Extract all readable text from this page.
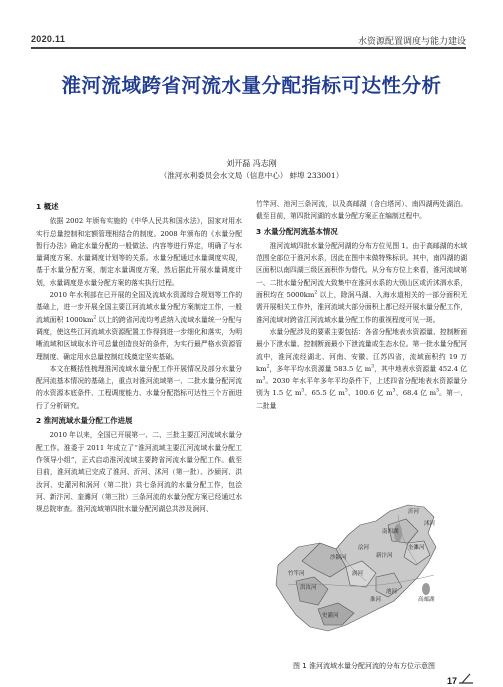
2020.11	水资源配置调度与能力建设
淮河流域跨省河流水量分配指标可达性分析
刘开磊 冯志刚
（淮河水利委员会水文局（信息中心） 蚌埠 233001）
1 概述

依据 2002 年颁布实施的《中华人民共和国水法》，国家对用水实行总量控制和定额管理相结合的制度。2008 年颁布的《水量分配暂行办法》确定水量分配的一般做法、内容等进行界定，明确了与水量调度方案、水量调度计划等的关系。水量分配通过水量调度实现，基于水量分配方案，制定水量调度方案，然后据此开展水量调度计划，水量调度是水量分配方案的落实执行过程。

2010 年水利部在已开展的全国及流域水资源综合规划等工作的基础上，进一步开展全国主要江河流域水量分配方案制定工作，一般流域面积 $1000km^2$ 以上的跨省河流均考虑纳入流域水量统一分配与调度，使这些江河流域水资源配置工作得到进一步细化和落实，为明晰流域和区域取水许可总量创造良好的条件，为实行最严格水资源管理制度、确定用水总量控制红线奠定坚实基础。

本文在概括性梳理淮河流域水量分配工作开展情况及部分水量分配河流基本情况的基础上，重点对淮河流域第一、二批水量分配河流的水资源本底条件、工程调度能力、水量分配指标可达性三个方面进行了分析研究。

2 淮河流域水量分配工作进展

2010 年以来，全国已开展第一、二、三批主要江河流域水量分配工作。淮委于 2011 年成立了“淮河流域主要江河流域水量分配工作领导小组”，正式启动淮河流域主要跨省河流水量分配工作。截至目前，淮河流域已完成了淮河、沂河、沭河（第一批）、沙颍河、洪汝河、史灌河和涡河（第二批）共七条河流的水量分配工作，包浍河、新汴河、奎濉河（第三批）三条河流的水量分配方案已经通过水规总院审查。淮河流域第四批水量分配河湖总共涉及涧河、

竹竿河、池河三条河流，以及高邮湖（含白塔河）、南四湖两处湖泊。截至目前，第四批河湖的水量分配方案正在编制过程中。

3 水量分配河流基本情况

淮河流域四批水量分配河湖的分布方位见图 1。由于高邮湖的水域范围全部位于淮河水系，因此在图中未做特殊标识。其中，南四湖的湖区面积以南四湖三级区面积作为替代。从分布方位上来看，淮河流域第一、二批水量分配河流大致集中在淮河水系的大别山区或沂沭泗水系，面积均在 $5000km^2$ 以上，除涡马湖、入海水道相关的一部分面积无需开展相关工作外，淮河流域大部分面积上都已经开展水量分配工作，淮河流域对跨省江河流域水量分配工作的重视程度可见一斑。

水量分配涉及的要素主要包括：各省分配地表水资源量、控制断面最小下泄水量、控制断面最小下泄流量或生态水位。第一批水量分配河流中，淮河流经湖北、河南、安徽、江苏四省，流域面积约 19 万 $km^2$，多年平均水资源量 583.5 亿 $m^3$，其中地表水资源量 452.4 亿 $m^3$。2030 年水平年多年平均条件下，上述四省分配地表水资源量分别为 1.5 亿 $m^3$、65.5 亿 $m^3$、100.6 亿 $m^3$、68.4 亿 $m^3$。第一、二批量

沂河
沭河
南四湖
沙颍河
涡河
洪汝河
淮河
史灌河
池河
高邮湖
竹竿河
新汴河
奎濉河
浍河
图 1 淮河流域水量分配河流的分布方位示意图
17
